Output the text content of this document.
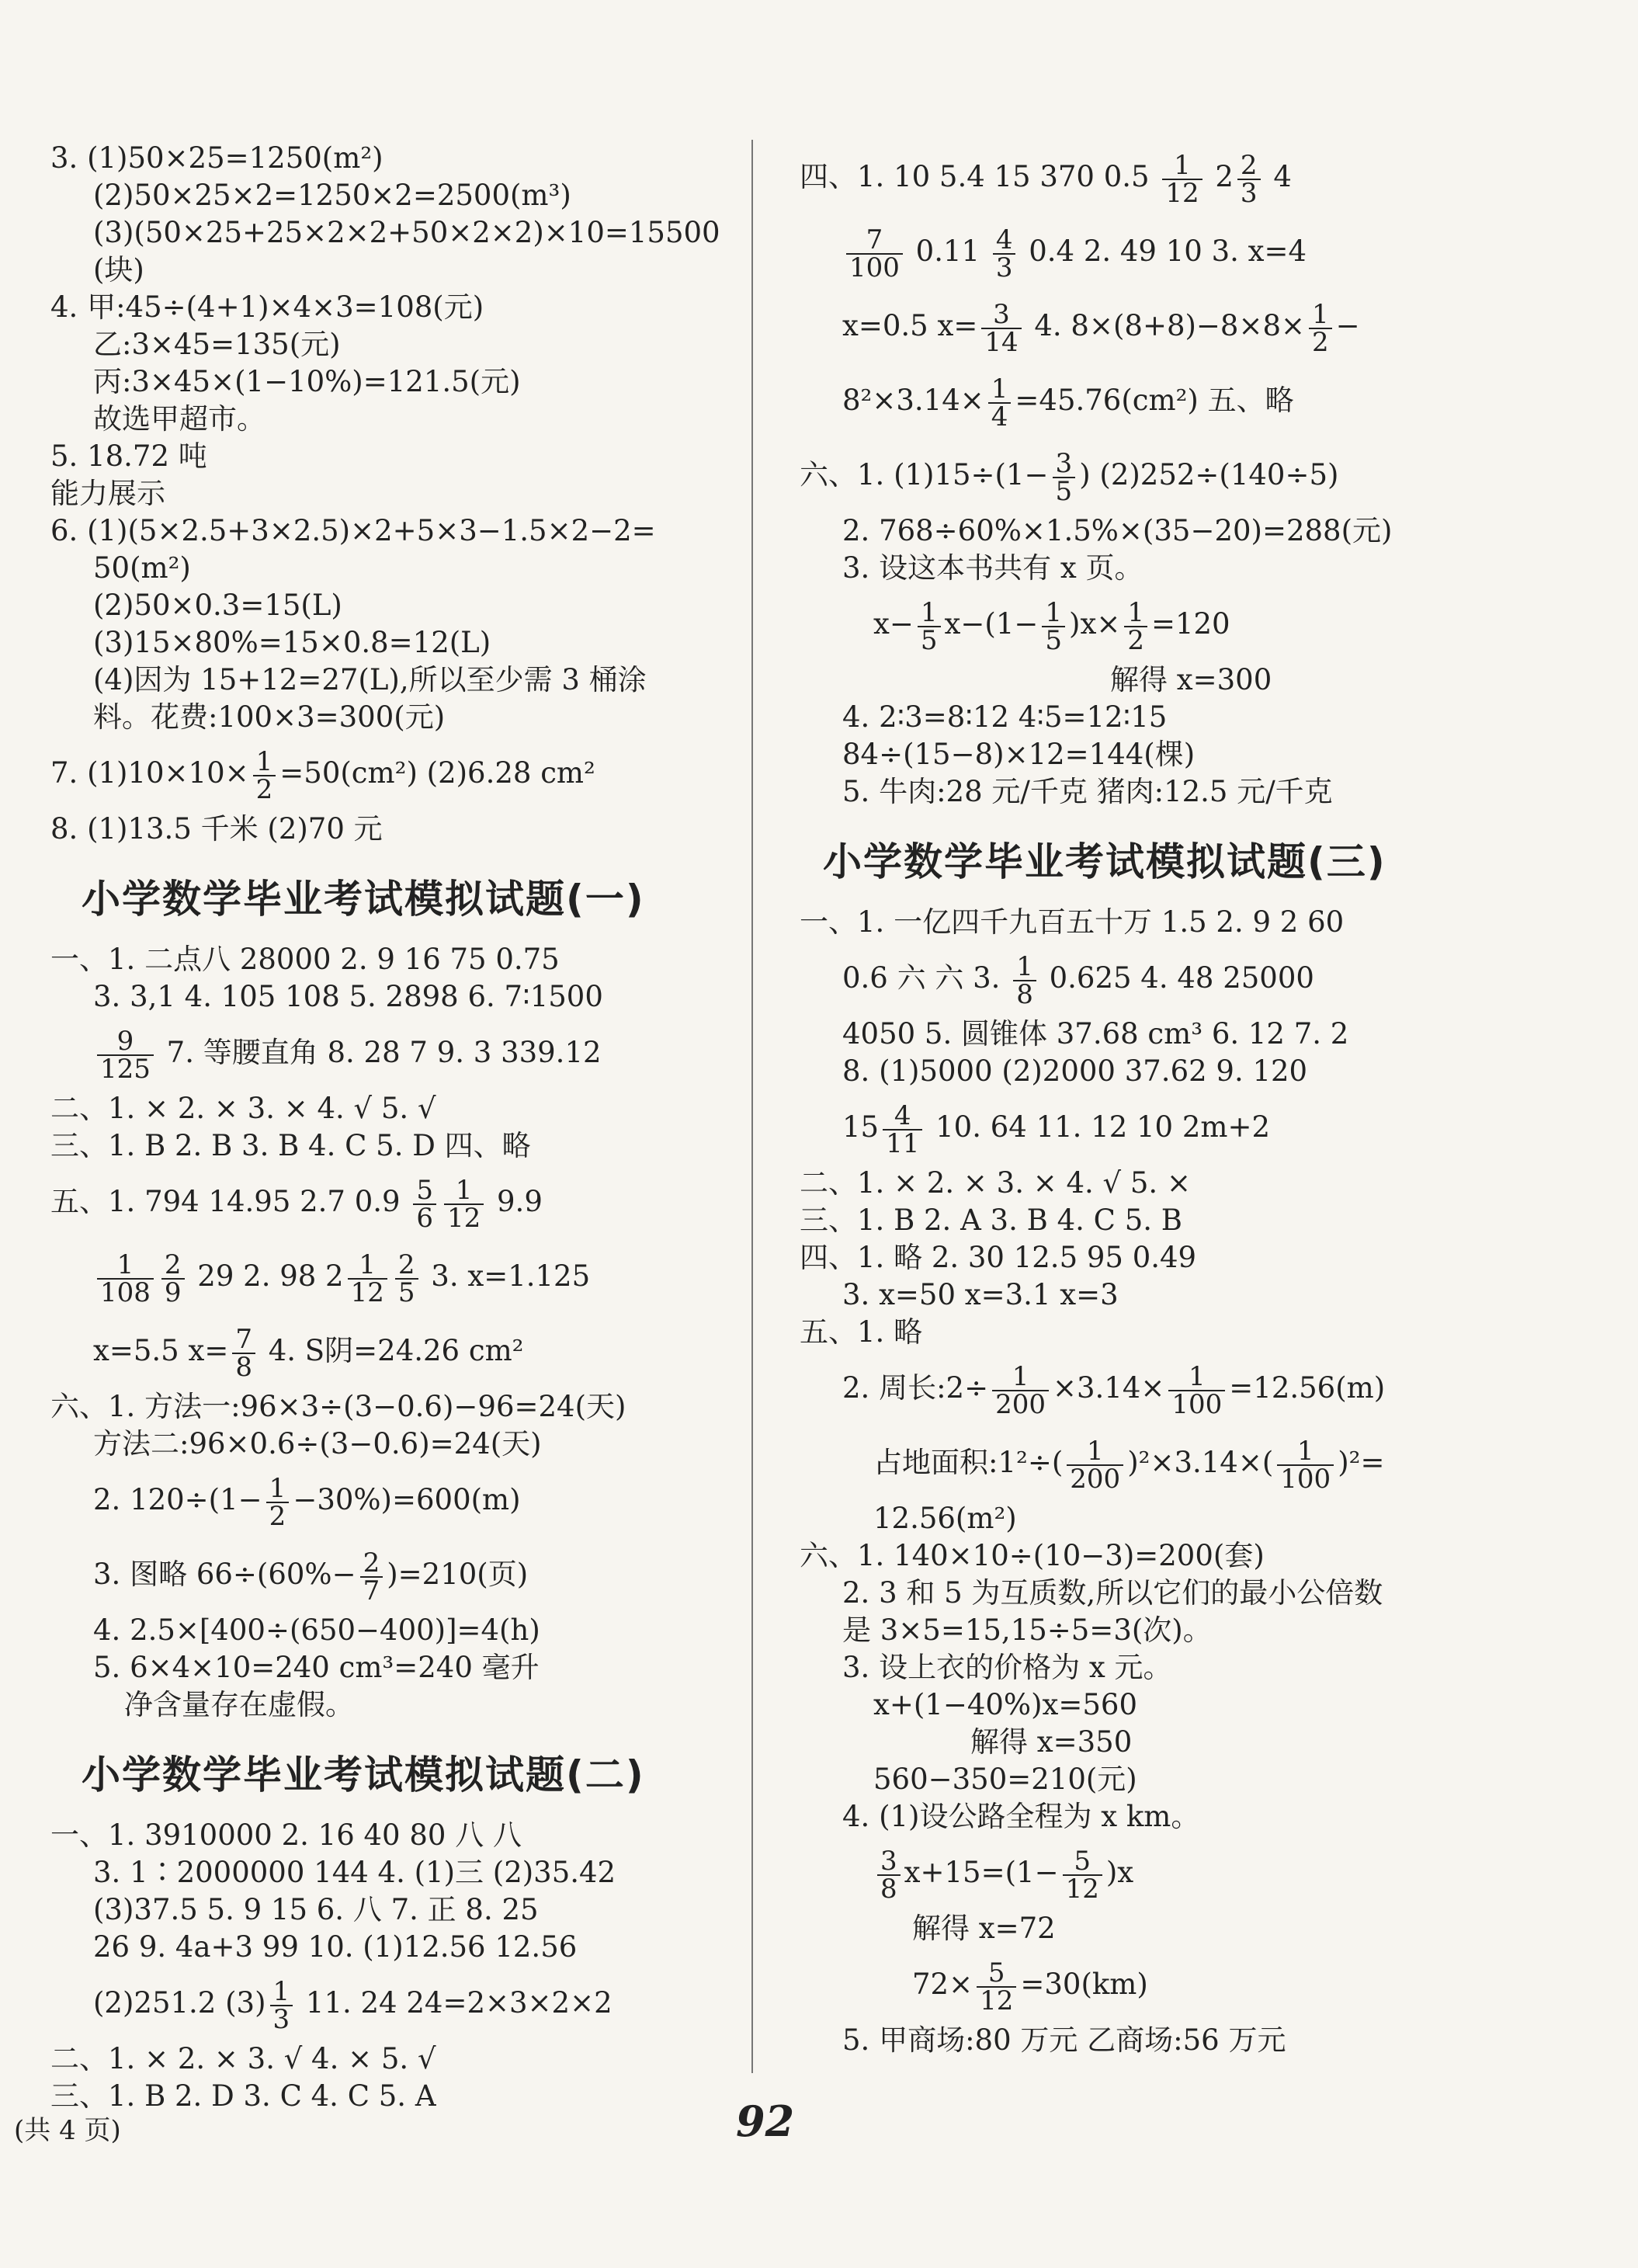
3. (1)50×25=1250(m²)
(2)50×25×2=1250×2=2500(m³)
(3)(50×25+25×2×2+50×2×2)×10=15500
(块)
4. 甲:45÷(4+1)×4×3=108(元)
乙:3×45=135(元)
丙:3×45×(1−10%)=121.5(元)
故选甲超市。
5. 18.72 吨
能力展示
6. (1)(5×2.5+3×2.5)×2+5×3−1.5×2−2=
50(m²)
(2)50×0.3=15(L)
(3)15×80%=15×0.8=12(L)
(4)因为 15+12=27(L),所以至少需 3 桶涂
料。花费:100×3=300(元)
7. $(1)10\times 10\times \frac{1}{2} =50(cm^2)$ (2)6.28 cm²
8. (1)13.5 千米 (2)70 元
小学数学毕业考试模拟试题(一)
一、1. 二点八 28000 2. 9 16 75 0.75
3. 3,1 4. 105 108 5. 2898 6. 7∶1500
$\frac{9}{125} 7$. 等腰直角 8. 28 7 9. 3 339.12
二、1. × 2. × 3. × 4. √ 5. √
三、1. B 2. B 3. B 4. C 5. D 四、略
五、1. 794 14.95 2.7 $0.9 \frac{5}{6} \frac{1}{12} 9.9$
$\frac{1}{108} \frac{2}{9} 29$ 2. 98 $2 \frac{1}{12} \frac{2}{5} 3$. x=1.125
x=5.5 $x= \frac{7}{8} 4$. S阴=24.26 cm²
六、1. 方法一:96×3÷(3−0.6)−96=24(天)
方法二:96×0.6÷(3−0.6)=24(天)
2. $120\div(1- \frac{1}{2} -30\%)=600(m)$
3. 图略 $66\div(60\%- \frac{2}{7} )=210$(页)
4. 2.5×[400÷(650−400)]=4(h)
5. 6×4×10=240 cm³=240 毫升
净含量存在虚假。
小学数学毕业考试模拟试题(二)
一、1. 3910000 2. 16 40 80 八 八
3. 1∶2000000 144 4. (1)三 (2)35.42
(3)37.5 5. 9 15 6. 八 7. 正 8. 25
26 9. 4a+3 99 10. (1)12.56 12.56
(2)251.2 $(3) \frac{1}{3} 11$. 24 24=2×3×2×2
二、1. × 2. × 3. √ 4. × 5. √
三、1. B 2. D 3. C 4. C 5. A
四、1. 10 5.4 15 370 $0.5 \frac{1}{12} 2 \frac{2}{3} 4$
$\frac{7}{100} 0.11 \frac{4}{3} 0.4$ 2. 49 10 3. x=4
x=0.5 $x= \frac{3}{14} 4$. $8\times(8+8)-8\times 8\times \frac{1}{2}$ −
$8^2\times 3.14\times \frac{1}{4} =45.76(cm^2)$ 五、略
六、1. $(1)15\div(1- \frac{3}{5}$ ) (2)252÷(140÷5)
2. 768÷60%×1.5%×(35−20)=288(元)
3. 设这本书共有 x 页。
$x- \frac{1}{5} x-(1- \frac{1}{5} )x\times \frac{1}{2} =120$
解得 x=300
4. 2∶3=8∶12 4∶5=12∶15
84÷(15−8)×12=144(棵)
5. 牛肉:28 元/千克 猪肉:12.5 元/千克
小学数学毕业考试模拟试题(三)
一、1. 一亿四千九百五十万 1.5 2. 9 2 60
0.6 六 六 3. $\frac{1}{8} 0.625$ 4. 48 25000
4050 5. 圆锥体 37.68 cm³ 6. 12 7. 2
8. (1)5000 (2)2000 37.62 9. 120
$15 \frac{4}{11} 10$. 64 11. 12 10 2m+2
二、1. × 2. × 3. × 4. √ 5. ×
三、1. B 2. A 3. B 4. C 5. B
四、1. 略 2. 30 12.5 95 0.49
3. x=50 x=3.1 x=3
五、1. 略
2. 周长:2÷ $\frac{1}{200} \times 3.14\times \frac{1}{100} =12.56(m)$
占地面积:1²÷( $\frac{1}{200} )^2\times 3.14\times( \frac{1}{100} )^2=$
12.56(m²)
六、1. 140×10÷(10−3)=200(套)
2. 3 和 5 为互质数,所以它们的最小公倍数
是 3×5=15,15÷5=3(次)。
3. 设上衣的价格为 x 元。
x+(1−40%)x=560
解得 x=350
560−350=210(元)
4. (1)设公路全程为 x km。
$\frac{3}{8} x+15=(1- \frac{5}{12} )x$
解得 x=72
$72\times \frac{5}{12} =30(km)$
5. 甲商场:80 万元 乙商场:56 万元
(共 4 页)	92
